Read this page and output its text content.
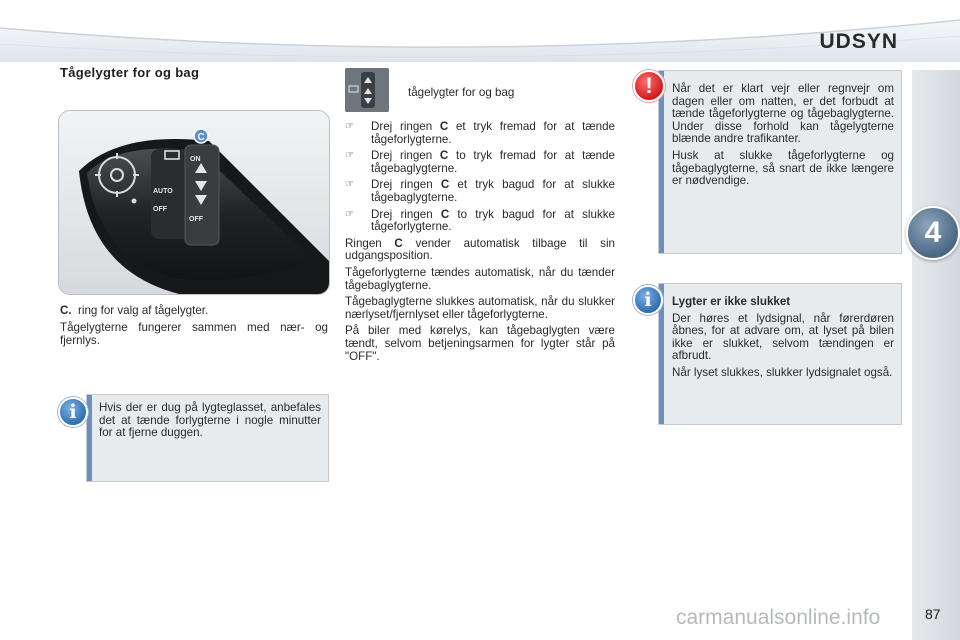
UDSYN
4
Tågelygter for og bag
C
ON
AUTO
OFF
OFF

C. ring for valg af tågelygter.

Tågelygterne fungerer sammen med nær- og fjernlys.

Hvis der er dug på lygteglasset, anbefales det at tænde forlygterne i nogle minutter for at fjerne duggen.
i
tågelygter for og bag
☞ Drej ringen C et tryk fremad for at tænde tågeforlygterne.
☞ Drej ringen C to tryk fremad for at tænde tågebaglygterne.
☞ Drej ringen C et tryk bagud for at slukke tågebaglygterne.
☞ Drej ringen C to tryk bagud for at slukke tågeforlygterne.

Ringen C vender automatisk tilbage til sin udgangsposition.

Tågeforlygterne tændes automatisk, når du tænder tågebaglygterne.

Tågebaglygterne slukkes automatisk, når du slukker nærlyset/fjernlyset eller tågeforlygterne.

På biler med kørelys, kan tågebaglygten være tændt, selvom betjeningsarmen for lygter står på "OFF".

Når det er klart vejr eller regnvejr om dagen eller om natten, er det forbudt at tænde tågeforlygterne og tågebaglygterne. Under disse forhold kan tågelygterne blænde andre trafikanter.

Husk at slukke tågeforlygterne og tågebaglygterne, så snart de ikke længere er nødvendige.

!

Lygter er ikke slukket

Der høres et lydsignal, når førerdøren åbnes, for at advare om, at lyset på bilen ikke er slukket, selvom tændingen er afbrudt.

Når lyset slukkes, slukker lydsignalet også.

i
carmanualsonline.info	87
